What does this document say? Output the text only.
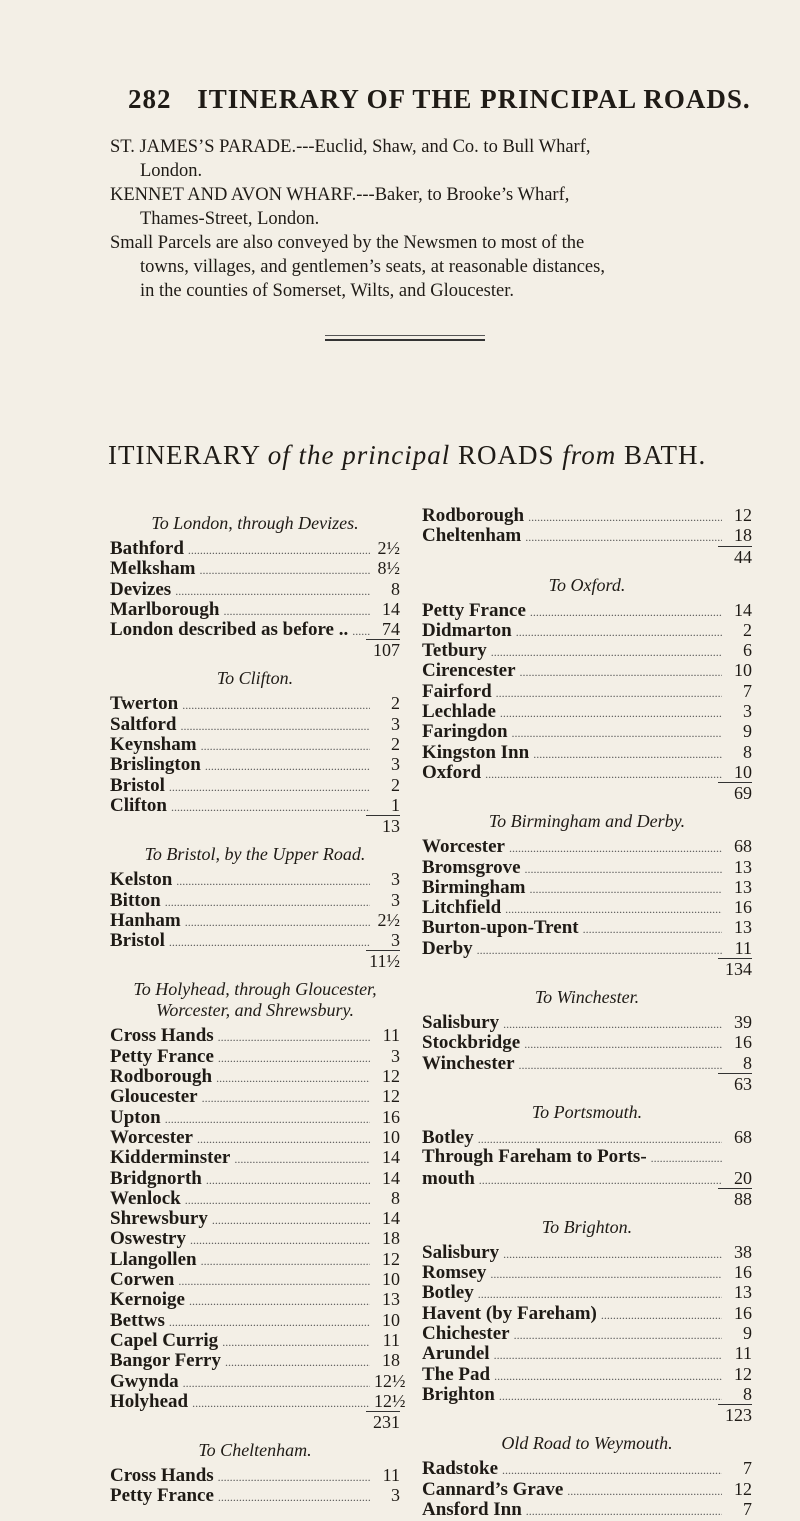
282 ITINERARY OF THE PRINCIPAL ROADS.

ST. JAMES’S PARADE.---Euclid, Shaw, and Co. to Bull Wharf,
London.

KENNET AND AVON WHARF.---Baker, to Brooke’s Wharf,
Thames-Street, London.

Small Parcels are also conveyed by the Newsmen to most of the
towns, villages, and gentlemen’s seats, at reasonable distances,
in the counties of Somerset, Wilts, and Gloucester.

ITINERARY of the principal ROADS from BATH.
To London, through Devizes.
Bathford .....	2½
Melksham .....	8½
Devizes .....	8
Marlborough .....	14
London described as before .. .....	74
107
To Clifton.
Twerton .....	2
Saltford .....	3
Keynsham .....	2
Brislington .....	3
Bristol .....	2
Clifton .....	1
13
To Bristol, by the Upper Road.
Kelston .....	3
Bitton .....	3
Hanham .....	2½
Bristol .....	3
11½
To Holyhead, through Gloucester, Worcester, and Shrewsbury.
Cross Hands .....	11
Petty France .....	3
Rodborough .....	12
Gloucester .....	12
Upton .....	16
Worcester .....	10
Kidderminster .....	14
Bridgnorth .....	14
Wenlock .....	8
Shrewsbury .....	14
Oswestry .....	18
Llangollen .....	12
Corwen .....	10
Kernoige .....	13
Bettws .....	10
Capel Currig .....	11
Bangor Ferry .....	18
Gwynda .....	12½
Holyhead .....	12½
231
To Cheltenham.
Cross Hands .....	11
Petty France .....	3
Rodborough .....	12
Cheltenham .....	18
44
To Oxford.
Petty France .....	14
Didmarton .....	2
Tetbury .....	6
Cirencester .....	10
Fairford .....	7
Lechlade .....	3
Faringdon .....	9
Kingston Inn .....	8
Oxford .....	10
69
To Birmingham and Derby.
Worcester .....	68
Bromsgrove .....	13
Birmingham .....	13
Litchfield .....	16
Burton-upon-Trent .....	13
Derby .....	11
134
To Winchester.
Salisbury .....	39
Stockbridge .....	16
Winchester .....	8
63
To Portsmouth.
Botley .....	68
Through Fareham to Ports-
.....
mouth .....	20
88
To Brighton.
Salisbury .....	38
Romsey .....	16
Botley .....	13
Havent (by Fareham) .....	16
Chichester .....	9
Arundel .....	11
The Pad .....	12
Brighton .....	8
123
Old Road to Weymouth.
Radstoke .....	7
Cannard’s Grave .....	12
Ansford Inn .....	7
